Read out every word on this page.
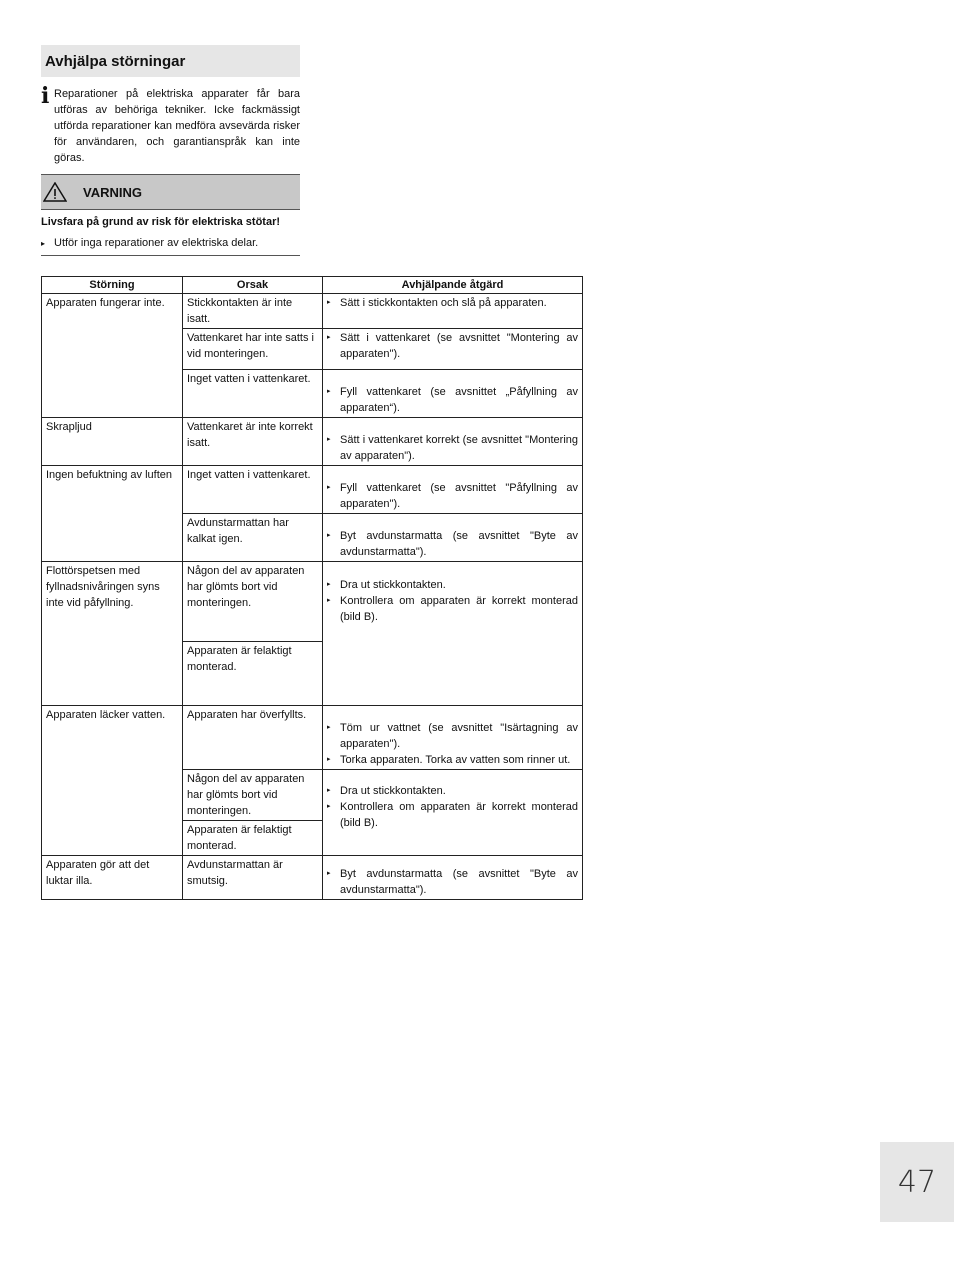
Avhjälpa störningar
i Reparationer på elektriska apparater får bara utföras av behöriga tekniker. Icke fackmässigt utförda reparationer kan medföra avsevärda risker för användaren, och garantianspråk kan inte göras.
VARNING
Livsfara på grund av risk för elektriska stötar!
▸ Utför inga reparationer av elektriska delar.
Störning	Orsak	Avhjälpande åtgärd
Apparaten fungerar inte.	Stickkontakten är inte isatt.	▸ Sätt i stickkontakten och slå på apparaten.

	Vattenkaret har inte satts i vid monteringen.	▸ Sätt i vattenkaret (se avsnittet "Montering av apparaten").

	Inget vatten i vattenkaret.	▸ Fyll vattenkaret (se avsnittet „Påfyllning av apparaten“).

Skrapljud	Vattenkaret är inte korrekt isatt.	▸ Sätt i vattenkaret korrekt (se avsnittet "Montering av apparaten").

Ingen befuktning av luften	Inget vatten i vattenkaret.	▸ Fyll vattenkaret (se avsnittet "Påfyllning av apparaten").

	Avdunstarmattan har kalkat igen.	▸ Byt avdunstarmatta (se avsnittet "Byte av avdunstarmatta").

Flottörspetsen med fyllnadsnivåringen syns inte vid påfyllning.	Någon del av apparaten har glömts bort vid monteringen.	▸ Dra ut stickkontakten.
▸ Kontrollera om apparaten är korrekt monterad (bild B).

	Apparaten är felaktigt monterad.	
Apparaten läcker vatten.	Apparaten har överfyllts.	▸ Töm ur vattnet (se avsnittet "Isärtagning av apparaten").
▸ Torka apparaten. Torka av vatten som rinner ut.

	Någon del av apparaten har glömts bort vid monteringen.	▸ Dra ut stickkontakten.
▸ Kontrollera om apparaten är korrekt monterad (bild B).

	Apparaten är felaktigt monterad.	
Apparaten gör att det luktar illa.	Avdunstarmattan är smutsig.	▸ Byt avdunstarmatta (se avsnittet "Byte av avdunstarmatta").
47
